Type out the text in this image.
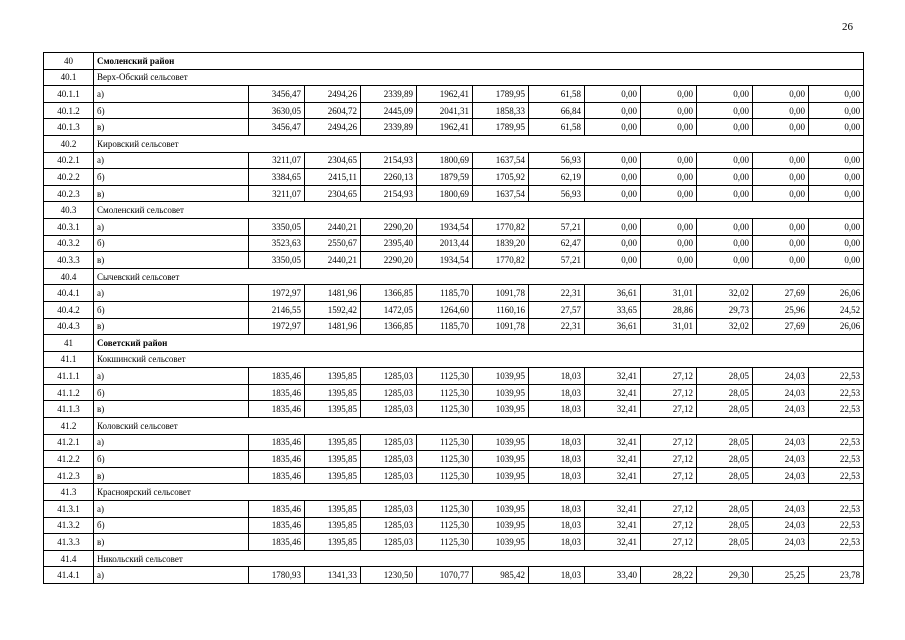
26
40	Смоленский район											
40.1	Верх-Обский сельсовет											
40.1.1	а)	3456,47	2494,26	2339,89	1962,41	1789,95	61,58	0,00	0,00	0,00	0,00	0,00
40.1.2	б)	3630,05	2604,72	2445,09	2041,31	1858,33	66,84	0,00	0,00	0,00	0,00	0,00
40.1.3	в)	3456,47	2494,26	2339,89	1962,41	1789,95	61,58	0,00	0,00	0,00	0,00	0,00
40.2	Кировский сельсовет											
40.2.1	а)	3211,07	2304,65	2154,93	1800,69	1637,54	56,93	0,00	0,00	0,00	0,00	0,00
40.2.2	б)	3384,65	2415,11	2260,13	1879,59	1705,92	62,19	0,00	0,00	0,00	0,00	0,00
40.2.3	в)	3211,07	2304,65	2154,93	1800,69	1637,54	56,93	0,00	0,00	0,00	0,00	0,00
40.3	Смоленский сельсовет											
40.3.1	а)	3350,05	2440,21	2290,20	1934,54	1770,82	57,21	0,00	0,00	0,00	0,00	0,00
40.3.2	б)	3523,63	2550,67	2395,40	2013,44	1839,20	62,47	0,00	0,00	0,00	0,00	0,00
40.3.3	в)	3350,05	2440,21	2290,20	1934,54	1770,82	57,21	0,00	0,00	0,00	0,00	0,00
40.4	Сычевский сельсовет											
40.4.1	а)	1972,97	1481,96	1366,85	1185,70	1091,78	22,31	36,61	31,01	32,02	27,69	26,06
40.4.2	б)	2146,55	1592,42	1472,05	1264,60	1160,16	27,57	33,65	28,86	29,73	25,96	24,52
40.4.3	в)	1972,97	1481,96	1366,85	1185,70	1091,78	22,31	36,61	31,01	32,02	27,69	26,06
41	Советский район											
41.1	Кокшинский сельсовет											
41.1.1	а)	1835,46	1395,85	1285,03	1125,30	1039,95	18,03	32,41	27,12	28,05	24,03	22,53
41.1.2	б)	1835,46	1395,85	1285,03	1125,30	1039,95	18,03	32,41	27,12	28,05	24,03	22,53
41.1.3	в)	1835,46	1395,85	1285,03	1125,30	1039,95	18,03	32,41	27,12	28,05	24,03	22,53
41.2	Коловский сельсовет											
41.2.1	а)	1835,46	1395,85	1285,03	1125,30	1039,95	18,03	32,41	27,12	28,05	24,03	22,53
41.2.2	б)	1835,46	1395,85	1285,03	1125,30	1039,95	18,03	32,41	27,12	28,05	24,03	22,53
41.2.3	в)	1835,46	1395,85	1285,03	1125,30	1039,95	18,03	32,41	27,12	28,05	24,03	22,53
41.3	Красноярский сельсовет											
41.3.1	а)	1835,46	1395,85	1285,03	1125,30	1039,95	18,03	32,41	27,12	28,05	24,03	22,53
41.3.2	б)	1835,46	1395,85	1285,03	1125,30	1039,95	18,03	32,41	27,12	28,05	24,03	22,53
41.3.3	в)	1835,46	1395,85	1285,03	1125,30	1039,95	18,03	32,41	27,12	28,05	24,03	22,53
41.4	Никольский сельсовет											
41.4.1	а)	1780,93	1341,33	1230,50	1070,77	985,42	18,03	33,40	28,22	29,30	25,25	23,78
